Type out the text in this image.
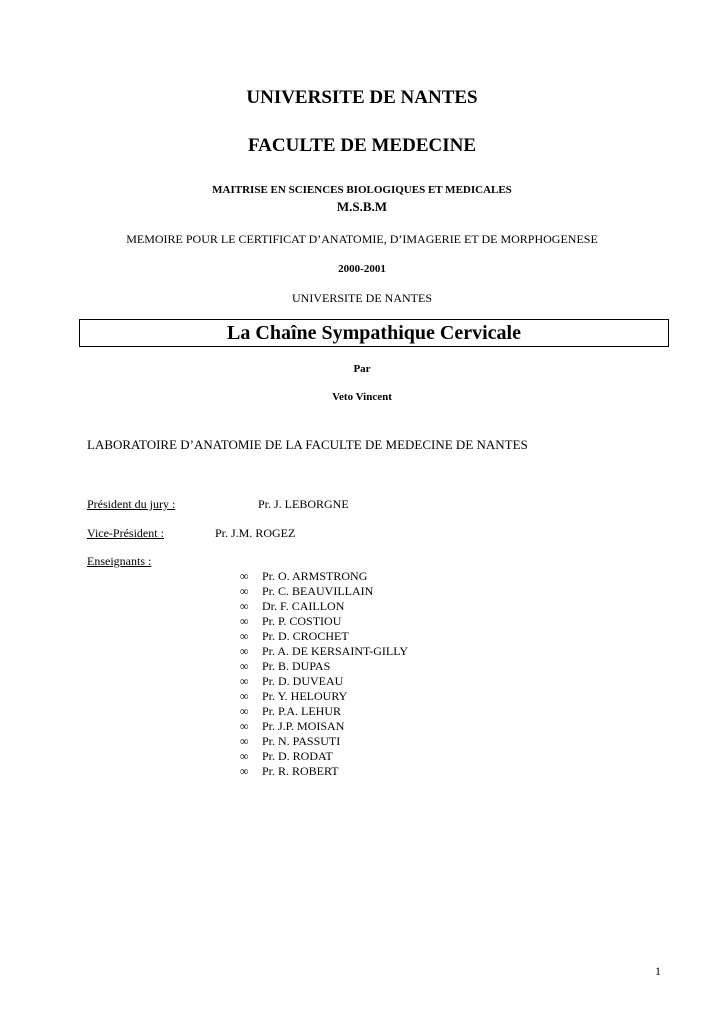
UNIVERSITE DE NANTES
FACULTE DE MEDECINE
MAITRISE EN SCIENCES BIOLOGIQUES ET MEDICALES
M.S.B.M
MEMOIRE POUR LE CERTIFICAT D’ANATOMIE, D’IMAGERIE ET DE MORPHOGENESE
2000-2001
UNIVERSITE DE NANTES
La Chaîne Sympathique Cervicale
Par
Veto Vincent
LABORATOIRE D’ANATOMIE DE LA FACULTE DE MEDECINE DE NANTES
Président du jury :	Pr. J. LEBORGNE
Vice-Président :	Pr. J.M. ROGEZ
Enseignants :
∞ Pr. O. ARMSTRONG
∞ Pr. C. BEAUVILLAIN
∞ Dr. F. CAILLON
∞ Pr. P. COSTIOU
∞ Pr. D. CROCHET
∞ Pr. A. DE KERSAINT-GILLY
∞ Pr. B. DUPAS
∞ Pr. D. DUVEAU
∞ Pr. Y. HELOURY
∞ Pr. P.A. LEHUR
∞ Pr. J.P. MOISAN
∞ Pr. N. PASSUTI
∞ Pr. D. RODAT
∞ Pr. R. ROBERT
1
